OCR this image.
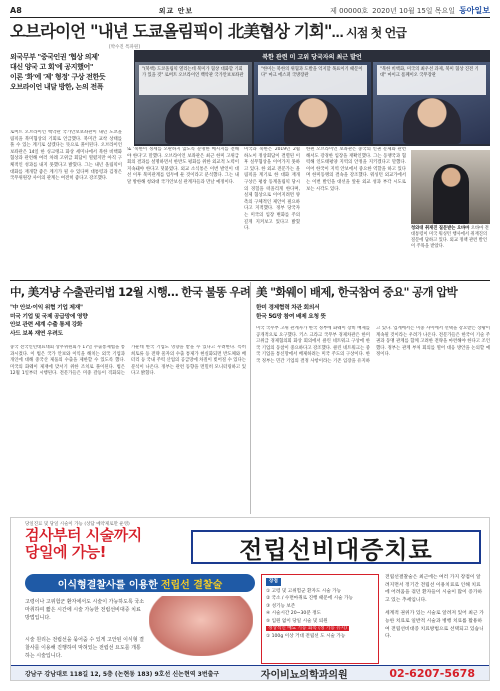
A8	외교 안보	제 00000호 2020년 10월 15일 목요일 동아일보
오브라이언 "내년 도쿄올림픽이 北美협상 기회"… 시점 첫 언급
[박수진 특파원]

외국무부 "중국인권 '협상 의제'

대신 양국 고 회'에 공지했어"

이론 '화'에 '제' 형정' 구상 전한듯

오브라이언 내달 방한, 논의 전폭

북한 관련 미 고위 당국자의 최근 발언
"(북핵) 도쿄올림픽 열리는데 북미가 협상 대화할 기회가 있을 것" 로버트 오브라이언 백악관 국가안보보좌관
"한미는 북한의 위협과 도발을 억지할 목표이기 때문이다" 마크 에스퍼 국방장관
"북한 비핵화, 미국의 최우선 과제, 북미 협상 진전 기대" 마이크 폼페이오 국무장관
로버트 오브라이언 백악관 국가안보보좌관이 내년 도쿄올림픽을 북미협상의 기회로 언급했다. 북미간 교착 상태를 풀 수 있는 계기로 삼겠다는 뜻으로 풀이된다. 오브라이언 보좌관은 14일 한 싱크탱크 화상 세미나에서 북한 비핵화 협상과 관련해 여러 차례 고위급 회담이 열렸지만 아직 구체적인 성과를 내지 못했다고 밝혔다. 그는 내년 올림픽이 대화를 재개할 좋은 계기가 될 수 있다며 대통령과 김정은 국무위원장 사이의 관계는 여전히 좋다고 강조했다.
또 '북한이 정세를 오판하지 않도록 분명한 메시지를 전해야 한다'고 말했다. 오브라이언 보좌관은 최근 한미 고위급 회의 결과를 설명하면서 한반도 평화를 위한 외교적 노력이 지속돼야 한다고 덧붙였다. 외교 소식통은 이번 발언이 대선 이후 북미관계를 염두에 둔 것이라고 분석했다. 그는 내달 방한해 청와대 국가안보실 관계자들과 만날 예정이다.
미국과 북한은 2019년 2월 하노이 정상회담이 결렬된 이후 실무협상을 이어가지 못하고 있다. 한 외교 전문가는 올림픽을 계기로 한 대화 재개 구상은 평창 동계올림픽 당시의 경험을 떠올리게 한다며, 실제 협상으로 이어지려면 양측의 구체적인 제안이 필요하다고 지적했다. 정부 당국자는 미국의 입장 변화를 주의 깊게 지켜보고 있다고 밝혔다.
한편 오브라이언 보좌관은 중국의 인권 문제와 관련해서도 강경한 입장을 재확인했다. 그는 동맹국과 협력해 인도태평양 지역의 안정을 지키겠다고 말했다. 이어 한국이 지역 안보에서 중요한 역할을 하고 있다며 한미동맹의 결속을 강조했다. 워싱턴 외교가에서는 이번 발언을 대선을 앞둔 외교 성과 부각 시도로 보는 시각도 있다.
청와대 취재진 질문받는 오바마 오바마 전 대통령이 미국 워싱턴 행사에서 취재진의 질문에 답하고 있다. 외교 정책 관련 발언이 주목을 받았다.
中, 美겨냥 수출관리법 12월 시행… 한국 불똥 우려
"中 안보·이익 위협 기업 제재"
미국 기업 및 국제 공급망에 영향
안보 관련 세계 수출 통제 강화
사드 보복 재연 우려도
중국 전국인민대표대회 상무위원회가 17일 수출통제법을 통과시켰다. 이 법은 국가 안보와 이익을 해치는 외국 기업과 개인에 대해 중국산 제품의 수출을 제한할 수 있도록 했다. 미국의 화웨이 제재에 맞서기 위한 조치로 풀이된다. 법은 12월 1일부터 시행된다. 전문가들은 미중 갈등이 격화되는 가운데 한국 기업도 영향을 받을 수 있다고 우려한다. 특히 희토류 등 전략 물자의 수출 통제가 현실화되면 반도체와 배터리 등 국내 주력 산업의 공급망에 차질이 빚어질 수 있다는 분석이 나온다. 정부는 관련 동향을 면밀히 모니터링하고 있다고 밝혔다.
美 "화웨이 배제, 한국참여 중요" 공개 압박
한미 경제협력 차관 회의서
한국 5G망 참여 배제 요청 뜻
미국 국무부 고위 관계자가 한국 정부에 화웨이 장비 배제를 공개적으로 요구했다. 키스 크라크 국무부 경제차관은 한미 고위급 경제협의회 화상 회의에서 클린 네트워크 구상에 한국 기업의 동참이 중요하다고 강조했다. 클린 네트워크는 중국 기업을 통신망에서 배제하려는 미국 주도의 구상이다. 한국 정부는 민간 기업의 결정 사항이라는 기존 입장을 유지하고 있다. 업계에서는 미중 사이에서 선택을 강요받는 상황이 계속될 것이라는 우려가 나온다. 전문가들은 한국이 기술 주권과 동맹 관계를 함께 고려한 전략을 마련해야 한다고 조언했다. 정부는 관계 부처 회의를 열어 대응 방안을 논의할 예정이다.
당일진료 및 당일 시술이 가능 (상담 예약제로만 운영)
검사부터 시술까지
당일에 가능!	전립선비대증치료
이식형결찰사를 이용한 전립선 결찰술
고령이나 고위험군 환자에서도 시술이 가능하도록 국소마취하여 짧은 시간에 시술 가능한 전립선비대증 치료방법입니다.
시술 원리는 전립선을 묶어줌 수 있게 고안된 이식형 결찰사를 이용해 진행하여 막혀있는 전립선 요도를 개통하는 시술입니다.
장점
① 고령 및 고위험군 환자도 시술 가능
② 국소 / 수면마취로 진행 때문에 시술 가능
③ 성기능 보존
④ 시술시간 20~30분 정도
⑤ 입원 없이 당일 시술 및 퇴원
정상적인 배뇨 기능 회복 (성 기능 유지)
① 100g 이상 거대 전립선 도 시술 가능

전립선결찰술은 최근에는 여러 가지 장점이 알려지면서 정기간 전립선 이용치료로 인해 치료에 어려움을 겪던 환자들이 시술이 많이 증가하고 있는 추세입니다.

세계적 권위가 있는 시술로 알려져 있어 최근 가능한 치료로 일반적 시술과 병행 치료를 활용하여 전립선비대증 치료방법으로 선택되고 있습니다.

강남구 강남대로 118길 12, 5층 (논현동 183) 9호선 신논현역 3번출구	자이비뇨의학과의원	02-6207-5678
